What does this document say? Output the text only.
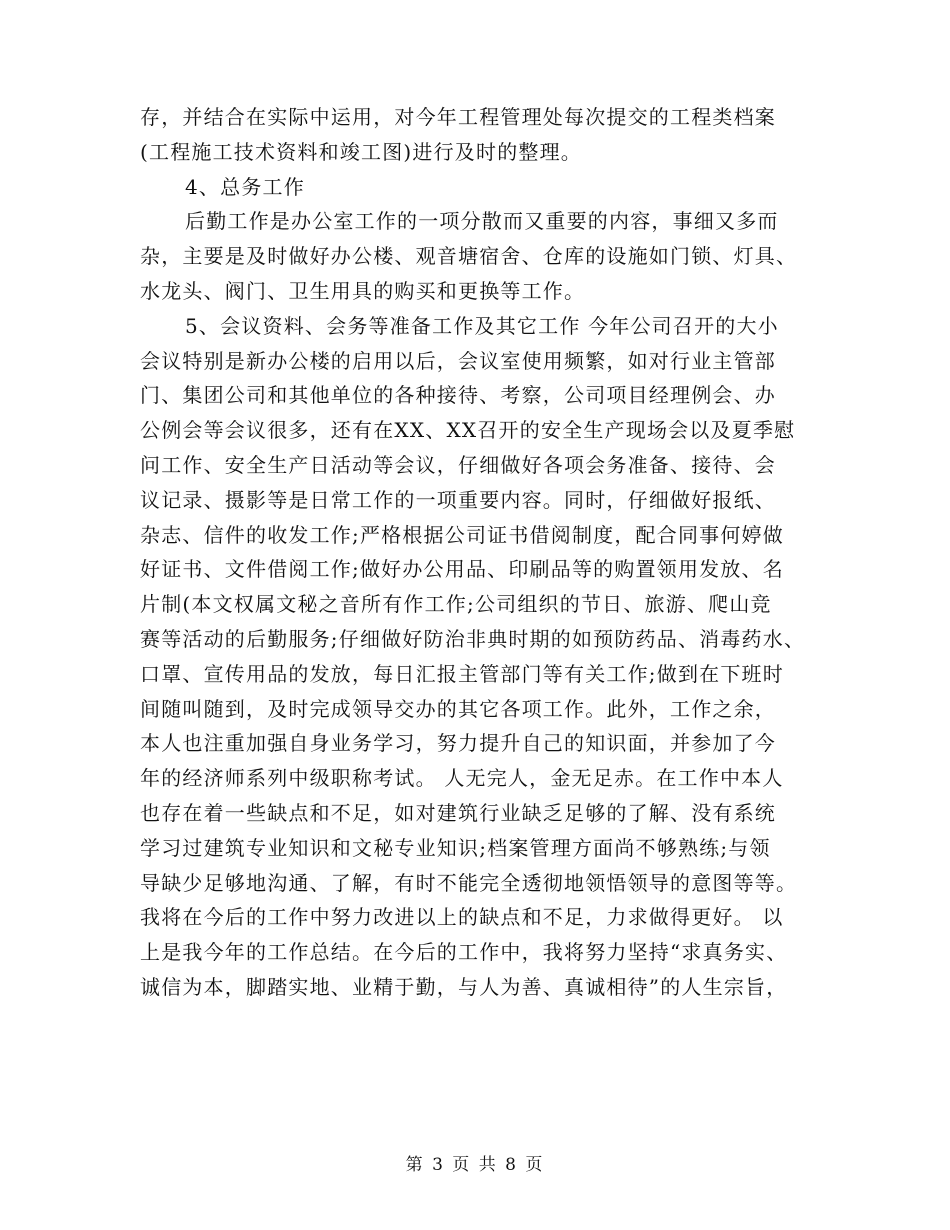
存，并结合在实际中运用，对今年工程管理处每次提交的工程类档案
(工程施工技术资料和竣工图)进行及时的整理。
4、总务工作
后勤工作是办公室工作的一项分散而又重要的内容，事细又多而
杂，主要是及时做好办公楼、观音塘宿舍、仓库的设施如门锁、灯具、
水龙头、阀门、卫生用具的购买和更换等工作。
5、会议资料、会务等准备工作及其它工作 今年公司召开的大小
会议特别是新办公楼的启用以后，会议室使用频繁，如对行业主管部
门、集团公司和其他单位的各种接待、考察，公司项目经理例会、办
公例会等会议很多，还有在XX、XX召开的安全生产现场会以及夏季慰
问工作、安全生产日活动等会议，仔细做好各项会务准备、接待、会
议记录、摄影等是日常工作的一项重要内容。同时，仔细做好报纸、
杂志、信件的收发工作;严格根据公司证书借阅制度，配合同事何婷做
好证书、文件借阅工作;做好办公用品、印刷品等的购置领用发放、名
片制(本文权属文秘之音所有作工作;公司组织的节日、旅游、爬山竞
赛等活动的后勤服务;仔细做好防治非典时期的如预防药品、消毒药水、
口罩、宣传用品的发放，每日汇报主管部门等有关工作;做到在下班时
间随叫随到，及时完成领导交办的其它各项工作。此外，工作之余，
本人也注重加强自身业务学习，努力提升自己的知识面，并参加了今
年的经济师系列中级职称考试。 人无完人，金无足赤。在工作中本人
也存在着一些缺点和不足，如对建筑行业缺乏足够的了解、没有系统
学习过建筑专业知识和文秘专业知识;档案管理方面尚不够熟练;与领
导缺少足够地沟通、了解，有时不能完全透彻地领悟领导的意图等等。
我将在今后的工作中努力改进以上的缺点和不足，力求做得更好。 以
上是我今年的工作总结。在今后的工作中，我将努力坚持“求真务实、
诚信为本，脚踏实地、业精于勤，与人为善、真诚相待”的人生宗旨，
第 3 页 共 8 页
